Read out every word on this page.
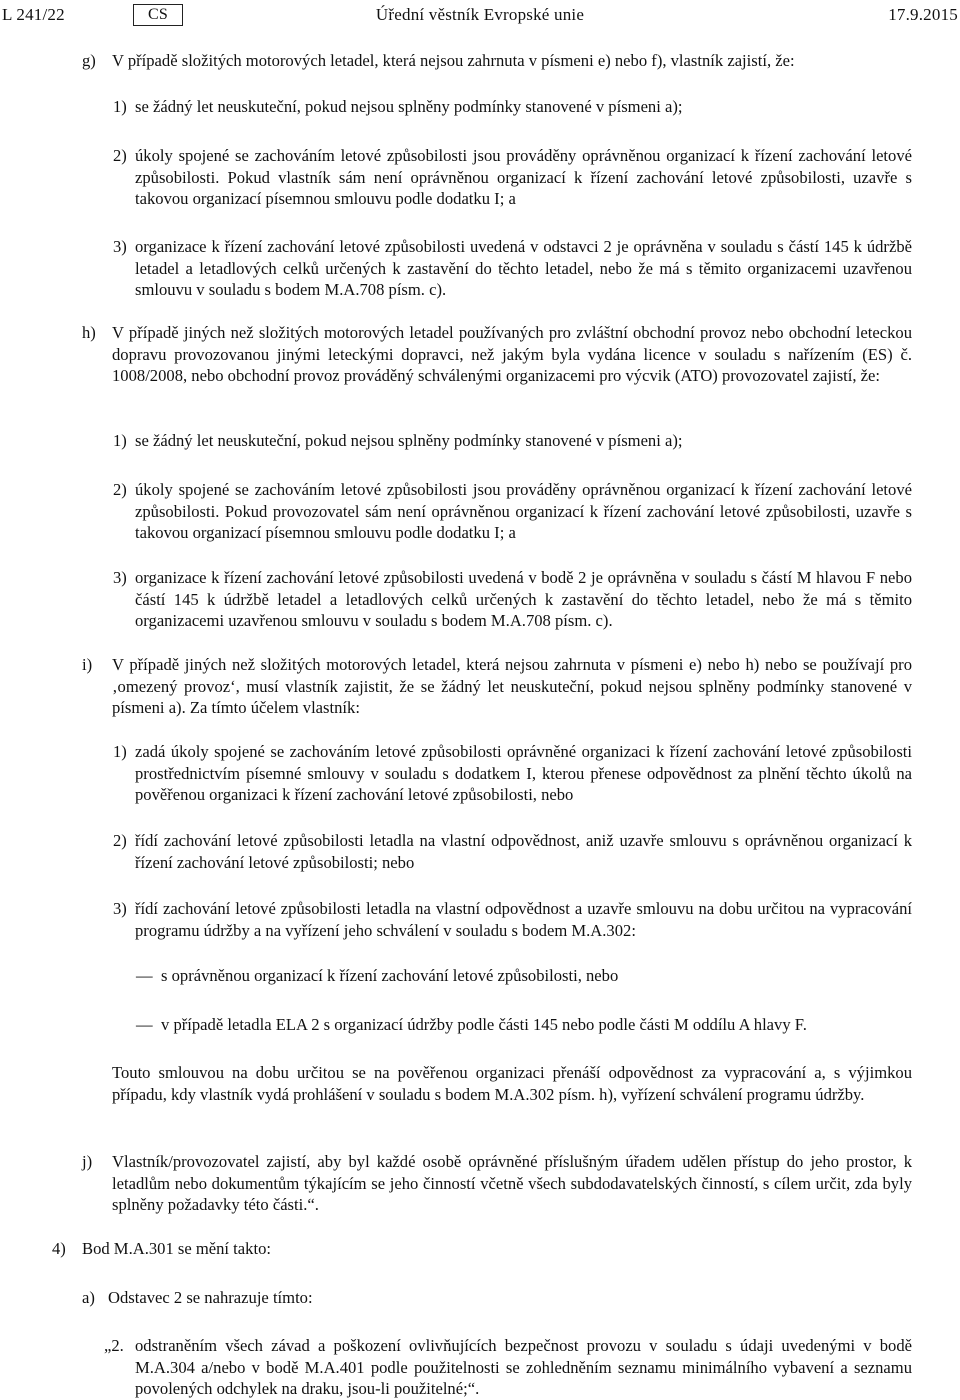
L 241/22	CS	Úřední věstník Evropské unie	17.9.2015
g) V případě složitých motorových letadel, která nejsou zahrnuta v písmeni e) nebo f), vlastník zajistí, že:

1) se žádný let neuskuteční, pokud nejsou splněny podmínky stanovené v písmeni a);

2) úkoly spojené se zachováním letové způsobilosti jsou prováděny oprávněnou organizací k řízení zachování letové způsobilosti. Pokud vlastník sám není oprávněnou organizací k řízení zachování letové způsobilosti, uzavře s takovou organizací písemnou smlouvu podle dodatku I; a

3) organizace k řízení zachování letové způsobilosti uvedená v odstavci 2 je oprávněna v souladu s částí 145 k údržbě letadel a letadlových celků určených k zastavění do těchto letadel, nebo že má s těmito organizacemi uzavřenou smlouvu v souladu s bodem M.A.708 písm. c).

h) V případě jiných než složitých motorových letadel používaných pro zvláštní obchodní provoz nebo obchodní leteckou dopravu provozovanou jinými leteckými dopravci, než jakým byla vydána licence v souladu s nařízením (ES) č. 1008/2008, nebo obchodní provoz prováděný schválenými organizacemi pro výcvik (ATO) provozovatel zajistí, že:

1) se žádný let neuskuteční, pokud nejsou splněny podmínky stanovené v písmeni a);

2) úkoly spojené se zachováním letové způsobilosti jsou prováděny oprávněnou organizací k řízení zachování letové způsobilosti. Pokud provozovatel sám není oprávněnou organizací k řízení zachování letové způsobilosti, uzavře s takovou organizací písemnou smlouvu podle dodatku I; a

3) organizace k řízení zachování letové způsobilosti uvedená v bodě 2 je oprávněna v souladu s částí M hlavou F nebo částí 145 k údržbě letadel a letadlových celků určených k zastavění do těchto letadel, nebo že má s těmito organizacemi uzavřenou smlouvu v souladu s bodem M.A.708 písm. c).

i) V případě jiných než složitých motorových letadel, která nejsou zahrnuta v písmeni e) nebo h) nebo se používají pro ‚omezený provoz‘, musí vlastník zajistit, že se žádný let neuskuteční, pokud nejsou splněny podmínky stanovené v písmeni a). Za tímto účelem vlastník:

1) zadá úkoly spojené se zachováním letové způsobilosti oprávněné organizaci k řízení zachování letové způsobilosti prostřednictvím písemné smlouvy v souladu s dodatkem I, kterou přenese odpovědnost za plnění těchto úkolů na pověřenou organizaci k řízení zachování letové způsobilosti, nebo

2) řídí zachování letové způsobilosti letadla na vlastní odpovědnost, aniž uzavře smlouvu s oprávněnou organizací k řízení zachování letové způsobilosti; nebo

3) řídí zachování letové způsobilosti letadla na vlastní odpovědnost a uzavře smlouvu na dobu určitou na vypracování programu údržby a na vyřízení jeho schválení v souladu s bodem M.A.302:

— s oprávněnou organizací k řízení zachování letové způsobilosti, nebo

— v případě letadla ELA 2 s organizací údržby podle části 145 nebo podle části M oddílu A hlavy F.

Touto smlouvou na dobu určitou se na pověřenou organizaci přenáší odpovědnost za vypracování a, s výjimkou případu, kdy vlastník vydá prohlášení v souladu s bodem M.A.302 písm. h), vyřízení schválení programu údržby.

j) Vlastník/provozovatel zajistí, aby byl každé osobě oprávněné příslušným úřadem udělen přístup do jeho prostor, k letadlům nebo dokumentům týkajícím se jeho činností včetně všech subdodavatelských činností, s cílem určit, zda byly splněny požadavky této části.“.

4) Bod M.A.301 se mění takto:

a) Odstavec 2 se nahrazuje tímto:

„2. odstraněním všech závad a poškození ovlivňujících bezpečnost provozu v souladu s údaji uvedenými v bodě M.A.304 a/nebo v bodě M.A.401 podle použitelnosti se zohledněním seznamu minimálního vybavení a seznamu povolených odchylek na draku, jsou-li použitelné;“.
